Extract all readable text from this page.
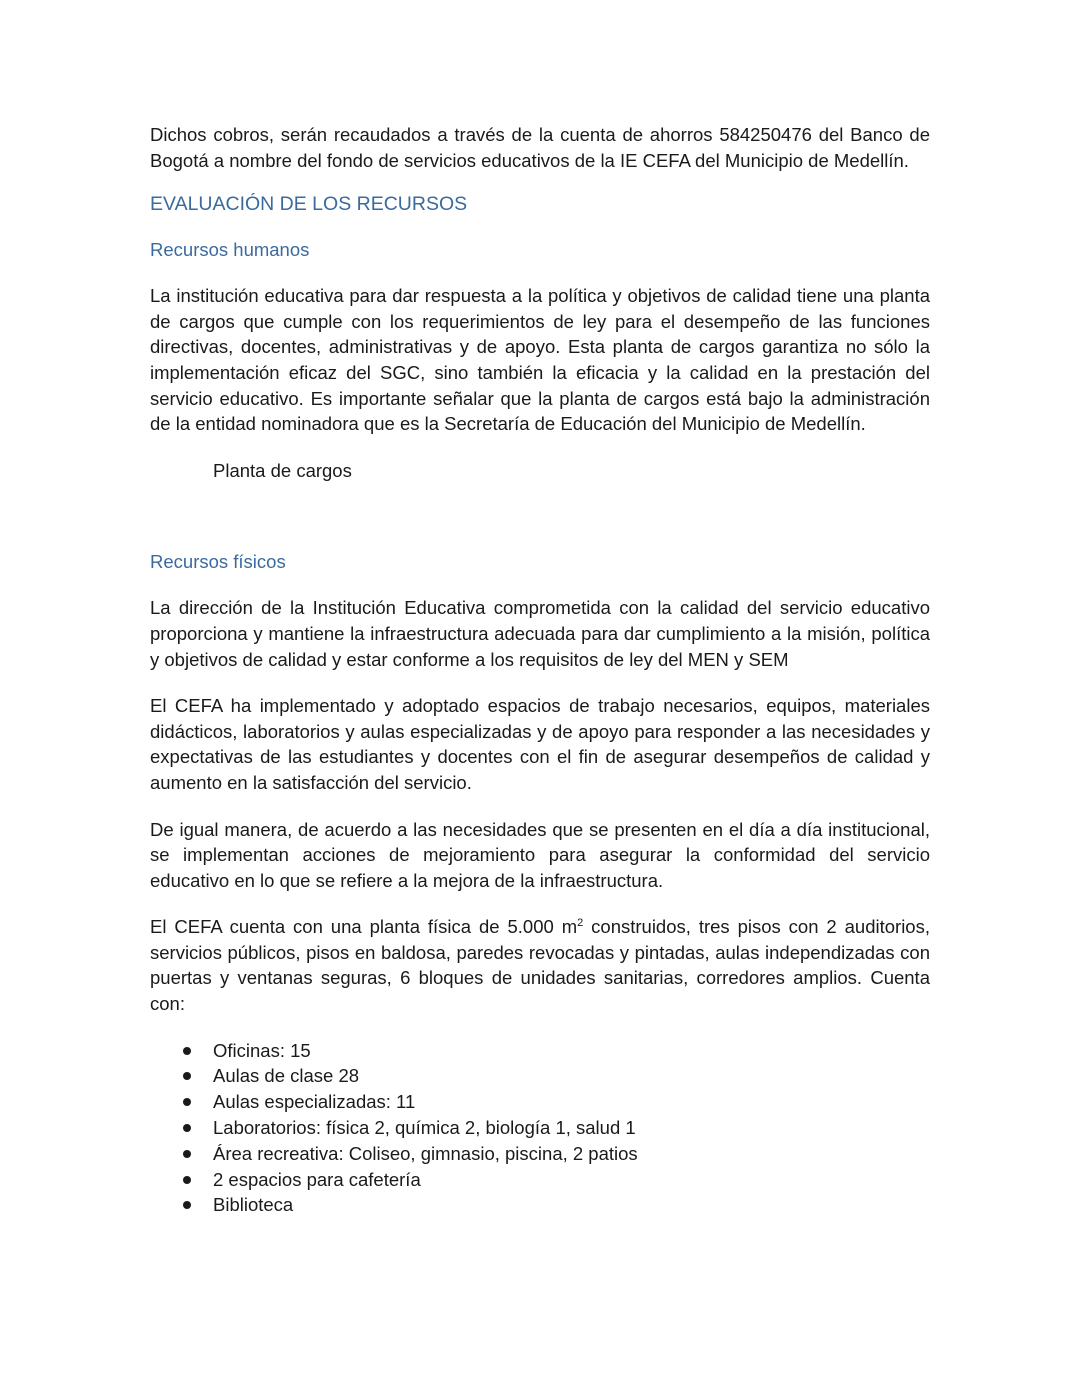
Dichos cobros, serán recaudados a través de la cuenta de ahorros 584250476 del Banco de Bogotá a nombre del fondo de servicios educativos de la IE CEFA del Municipio de Medellín.

EVALUACIÓN DE LOS RECURSOS
Recursos humanos

La institución educativa para dar respuesta a la política y objetivos de calidad tiene una planta de cargos que cumple con los requerimientos de ley para el desempeño de las funciones directivas, docentes, administrativas y de apoyo. Esta planta de cargos garantiza no sólo la implementación eficaz del SGC, sino también la eficacia y la calidad en la prestación del servicio educativo. Es importante señalar que la planta de cargos está bajo la administración de la entidad nominadora que es la Secretaría de Educación del Municipio de Medellín.

Planta de cargos
Recursos físicos

La dirección de la Institución Educativa comprometida con la calidad del servicio educativo proporciona y mantiene la infraestructura adecuada para dar cumplimiento a la misión, política y objetivos de calidad y estar conforme a los requisitos de ley del MEN y SEM

El CEFA ha implementado y adoptado espacios de trabajo necesarios, equipos, materiales didácticos, laboratorios y aulas especializadas y de apoyo para responder a las necesidades y expectativas de las estudiantes y docentes con el fin de asegurar desempeños de calidad y aumento en la satisfacción del servicio.

De igual manera, de acuerdo a las necesidades que se presenten en el día a día institucional, se implementan acciones de mejoramiento para asegurar la conformidad del servicio educativo en lo que se refiere a la mejora de la infraestructura.

El CEFA cuenta con una planta física de 5.000 $m^2$ construidos, tres pisos con 2 auditorios, servicios públicos, pisos en baldosa, paredes revocadas y pintadas, aulas independizadas con puertas y ventanas seguras, 6 bloques de unidades sanitarias, corredores amplios. Cuenta con:

Oficinas: 15
Aulas de clase 28
Aulas especializadas: 11
Laboratorios: física 2, química 2, biología 1, salud 1
Área recreativa: Coliseo, gimnasio, piscina, 2 patios
2 espacios para cafetería
Biblioteca
